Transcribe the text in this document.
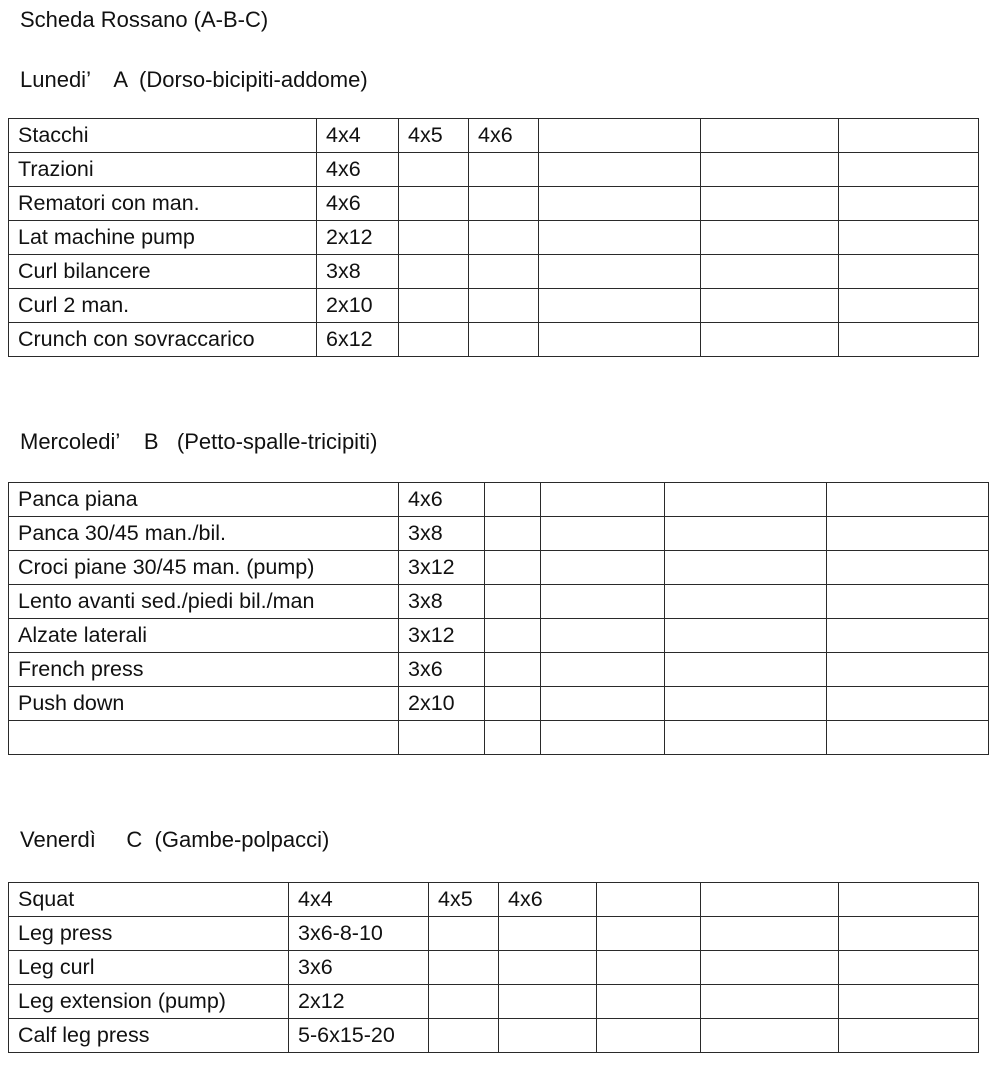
Scheda Rossano (A-B-C)
Lunedi’    A  (Dorso-bicipiti-addome)
Stacchi	4x4	4x5	4x6			
Trazioni	4x6					
Rematori con man.	4x6					
Lat machine pump	2x12					
Curl bilancere	3x8					
Curl 2 man.	2x10					
Crunch con sovraccarico	6x12					
Mercoledi’    B   (Petto-spalle-tricipiti)
Panca piana	4x6				
Panca 30/45 man./bil.	3x8				
Croci piane 30/45 man. (pump)	3x12				
Lento avanti sed./piedi bil./man	3x8				
Alzate laterali	3x12				
French press	3x6				
Push down	2x10				

Venerdì     C  (Gambe-polpacci)
Squat	4x4	4x5	4x6			
Leg press	3x6-8-10					
Leg curl	3x6					
Leg extension (pump)	2x12					
Calf leg press	5-6x15-20					
